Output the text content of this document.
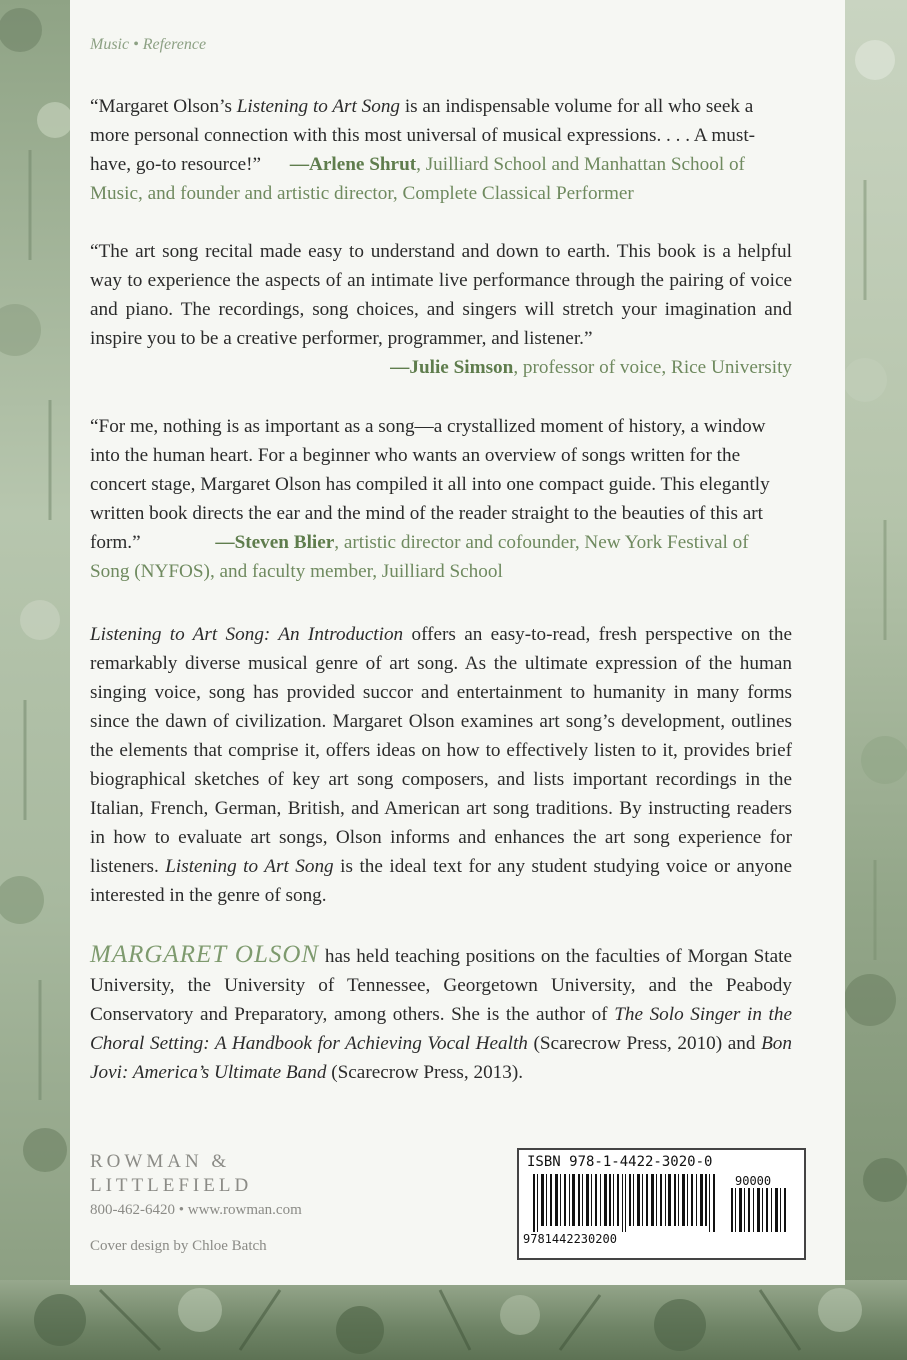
Music • Reference
“Margaret Olson’s Listening to Art Song is an indispensable volume for all who seek a more personal connection with this most universal of musical expressions. . . . A must-have, go-to resource!” —Arlene Shrut, Juilliard School and Manhattan School of Music, and founder and artistic director, Complete Classical Performer
“The art song recital made easy to understand and down to earth. This book is a helpful way to experience the aspects of an intimate live performance through the pairing of voice and piano. The recordings, song choices, and singers will stretch your imagination and inspire you to be a creative performer, programmer, and listener.”
—Julie Simson, professor of voice, Rice University
“For me, nothing is as important as a song—a crystallized moment of history, a window into the human heart. For a beginner who wants an overview of songs written for the concert stage, Margaret Olson has compiled it all into one compact guide. This elegantly written book directs the ear and the mind of the reader straight to the beauties of this art form.”	—Steven Blier, artistic director and cofounder, New York Festival of Song (NYFOS), and faculty member, Juilliard School
Listening to Art Song: An Introduction offers an easy-to-read, fresh perspective on the remarkably diverse musical genre of art song. As the ultimate expression of the human singing voice, song has provided succor and entertainment to humanity in many forms since the dawn of civilization. Margaret Olson examines art song’s development, outlines the elements that comprise it, offers ideas on how to effectively listen to it, provides brief biographical sketches of key art song composers, and lists important recordings in the Italian, French, German, British, and American art song traditions. By instructing readers in how to evaluate art songs, Olson informs and enhances the art song experience for listeners. Listening to Art Song is the ideal text for any student studying voice or anyone interested in the genre of song.
MARGARET OLSON has held teaching positions on the faculties of Morgan State University, the University of Tennessee, Georgetown University, and the Peabody Conservatory and Preparatory, among others. She is the author of The Solo Singer in the Choral Setting: A Handbook for Achieving Vocal Health (Scarecrow Press, 2010) and Bon Jovi: America’s Ultimate Band (Scarecrow Press, 2013).
ROWMAN &
LITTLEFIELD
800-462-6420 • www.rowman.com
Cover design by Chloe Batch
ISBN 978-1-4422-3020-0
90000
9781442230200
